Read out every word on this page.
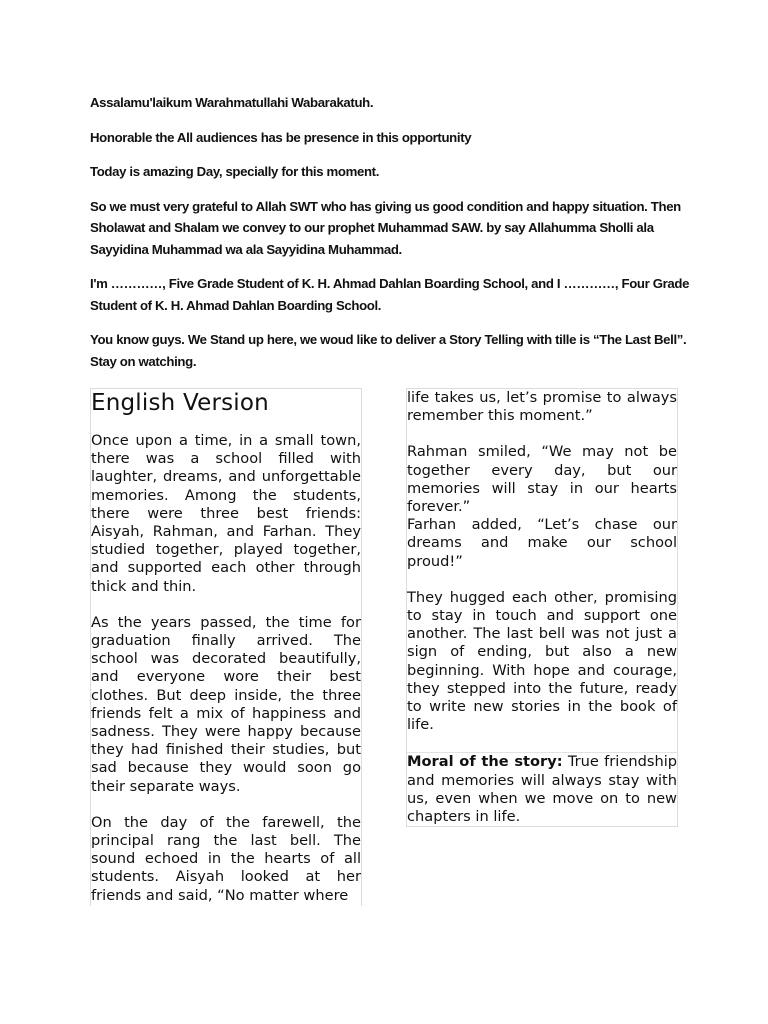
Assalamu'laikum Warahmatullahi Wabarakatuh.

Honorable the All audiences has be presence in this opportunity

Today is amazing Day, specially for this moment.

So we must very grateful to Allah SWT who has giving us good condition and happy situation. Then Sholawat and Shalam we convey to our prophet Muhammad SAW. by say Allahumma Sholli ala Sayyidina Muhammad wa ala Sayyidina Muhammad.

I'm …………, Five Grade Student of K. H. Ahmad Dahlan Boarding School, and I …………, Four Grade Student of K. H. Ahmad Dahlan Boarding School.

You know guys. We Stand up here, we woud like to deliver a Story Telling with tille is “The Last Bell”. Stay on watching.

English Version

Once upon a time, in a small town, there was a school filled with laughter, dreams, and unforgettable memories. Among the students, there were three best friends: Aisyah, Rahman, and Farhan. They studied together, played together, and supported each other through thick and thin.

As the years passed, the time for graduation finally arrived. The school was decorated beautifully, and everyone wore their best clothes. But deep inside, the three friends felt a mix of happiness and sadness. They were happy because they had finished their studies, but sad because they would soon go their separate ways.

On the day of the farewell, the principal rang the last bell. The sound echoed in the hearts of all students. Aisyah looked at her friends and said, “No matter where

life takes us, let’s promise to always remember this moment.”

Rahman smiled, “We may not be together every day, but our memories will stay in our hearts forever.”

Farhan added, “Let’s chase our dreams and make our school proud!”

They hugged each other, promising to stay in touch and support one another. The last bell was not just a sign of ending, but also a new beginning. With hope and courage, they stepped into the future, ready to write new stories in the book of life.

Moral of the story: True friendship and memories will always stay with us, even when we move on to new chapters in life.
